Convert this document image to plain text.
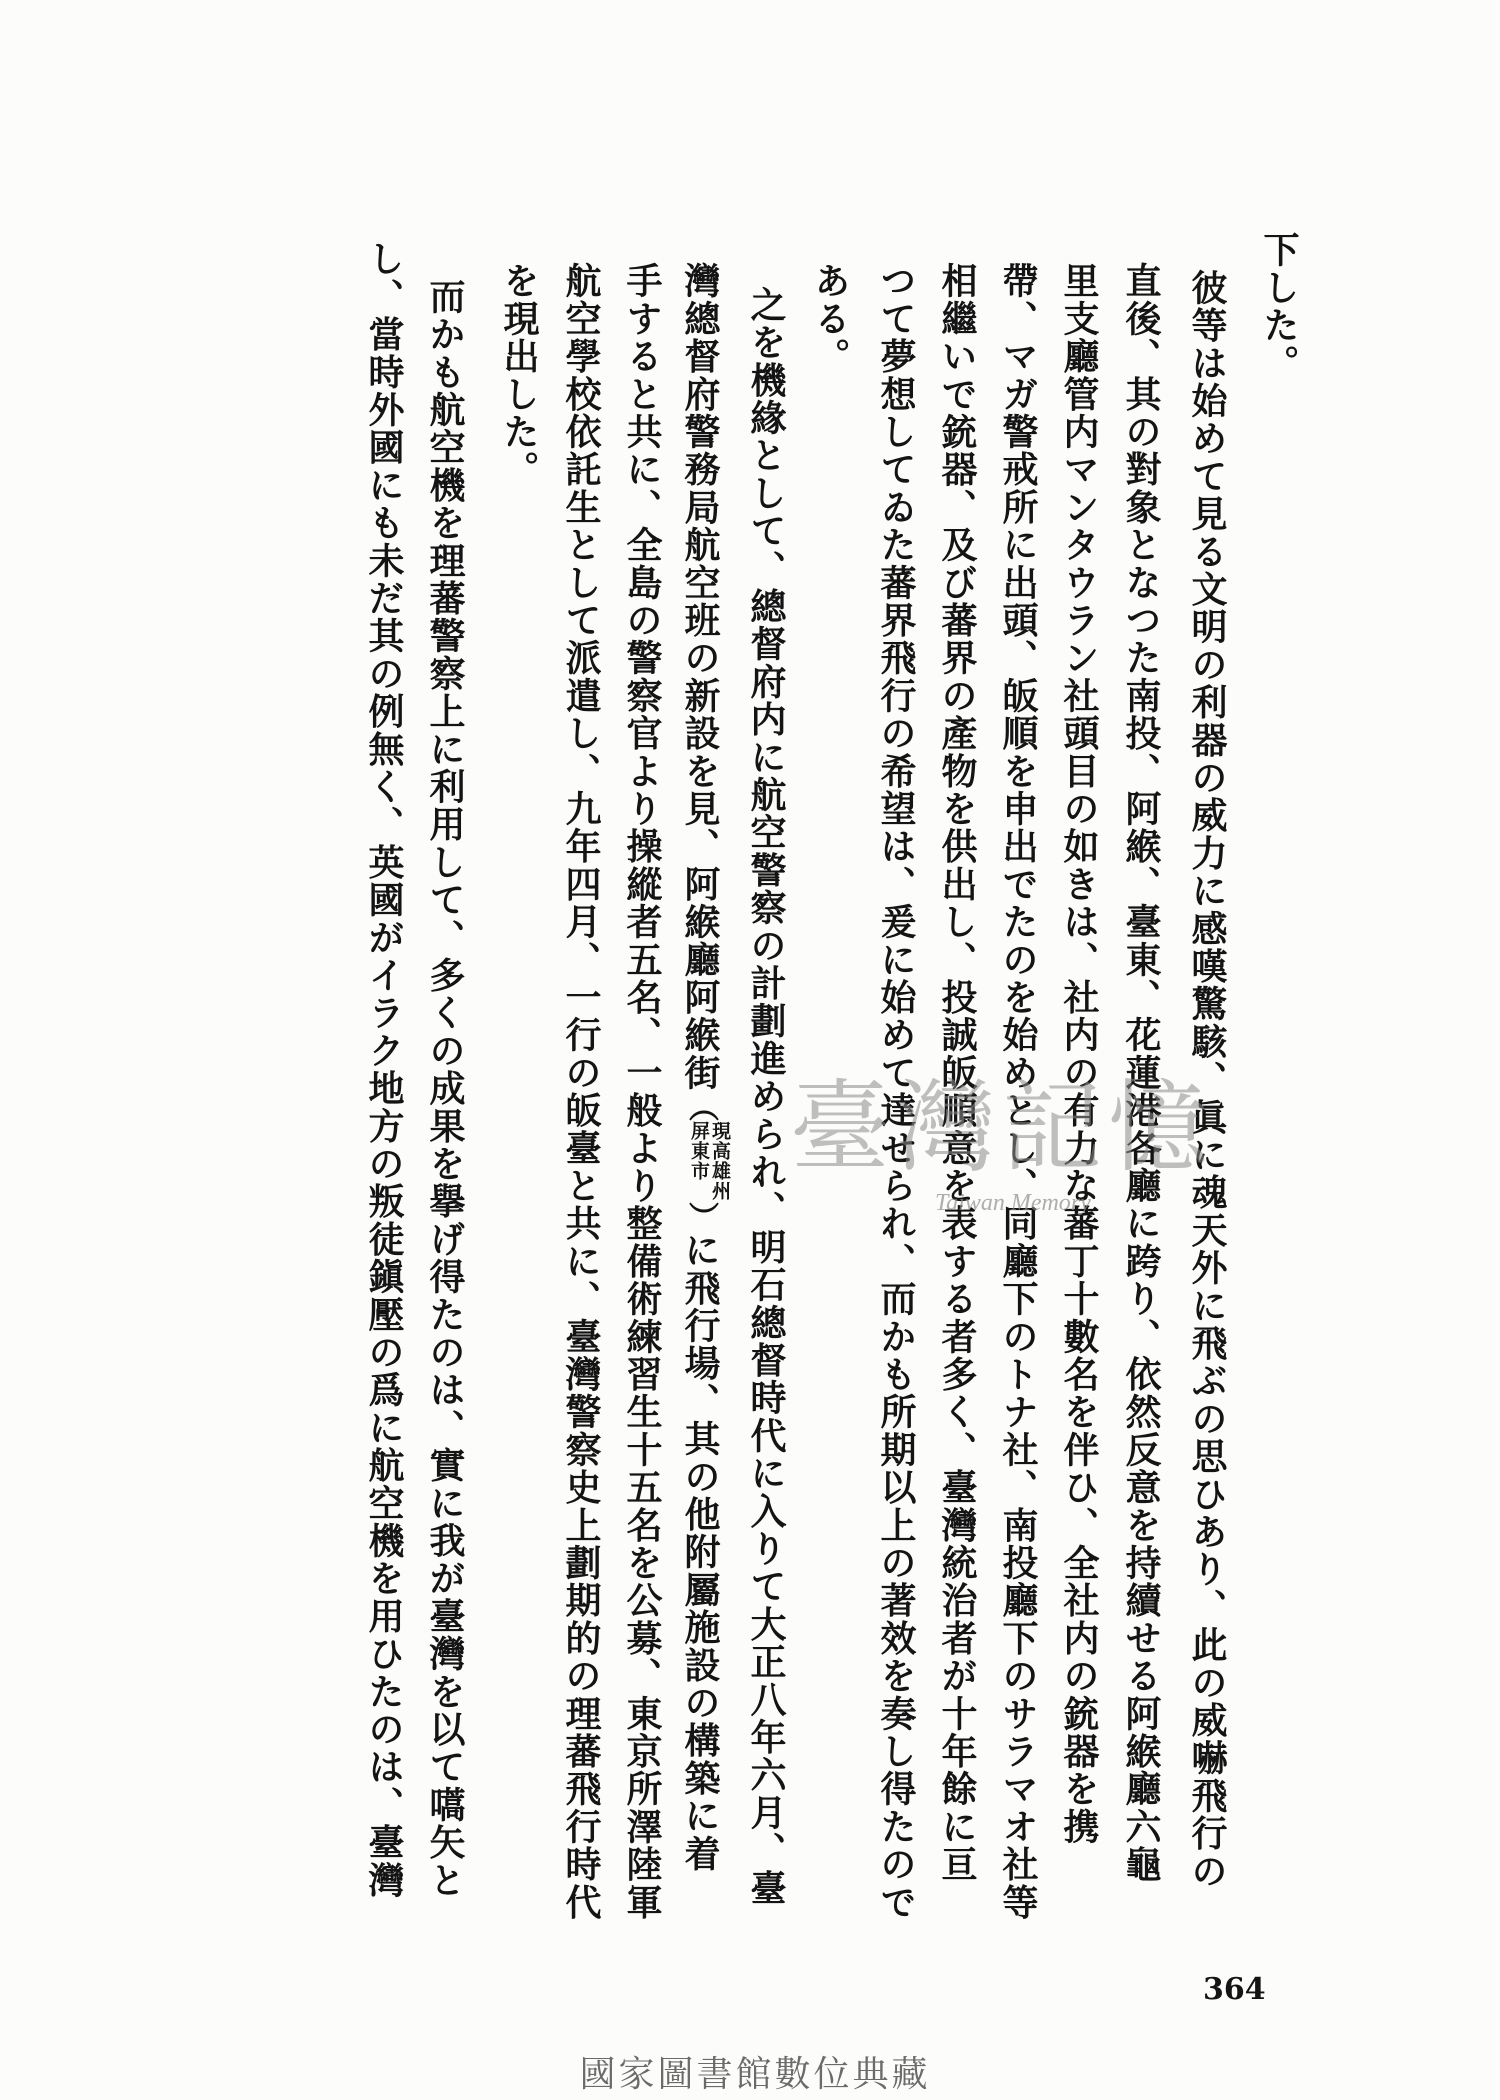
下した。
　彼等は始めて見る文明の利器の威力に感嘆驚駭、眞に魂天外に飛ぶの思ひあり、此の威嚇飛行の
直後、其の對象となつた南投、阿緱、臺東、花蓮港各廳に跨り、依然反意を持續せる阿緱廳六龜
里支廳管内マンタウラン社頭目の如きは、社内の有力な蕃丁十數名を伴ひ、全社内の銃器を携
帶、マガ警戒所に出頭、皈順を申出でたのを始めとし、同廳下のトナ社、南投廳下のサラマオ社等
相繼いで銃器、及び蕃界の產物を供出し、投誠皈順意を表する者多く、臺灣統治者が十年餘に亘
つて夢想してゐた蕃界飛行の希望は、爰に始めて達せられ、而かも所期以上の著效を奏し得たので
ある。
　之を機緣として、總督府内に航空警察の計劃進められ、明石總督時代に入りて大正八年六月、臺
灣總督府警務局航空班の新設を見、阿緱廳阿緱街（
現高雄州
屏東市
）に飛行場、其の他附屬施設の構築に着
手すると共に、全島の警察官より操縱者五名、一般より整備術練習生十五名を公募、東京所澤陸軍
航空學校依託生として派遣し、九年四月、一行の皈臺と共に、臺灣警察史上劃期的の理蕃飛行時代
を現出した。
　而かも航空機を理蕃警察上に利用して、多くの成果を擧げ得たのは、實に我が臺灣を以て嚆矢と
し、當時外國にも未だ其の例無く、英國がイラク地方の叛徒鎭壓の爲に航空機を用ひたのは、臺灣	臺灣記憶
Taiwan Memory
364
國家圖書館數位典藏
